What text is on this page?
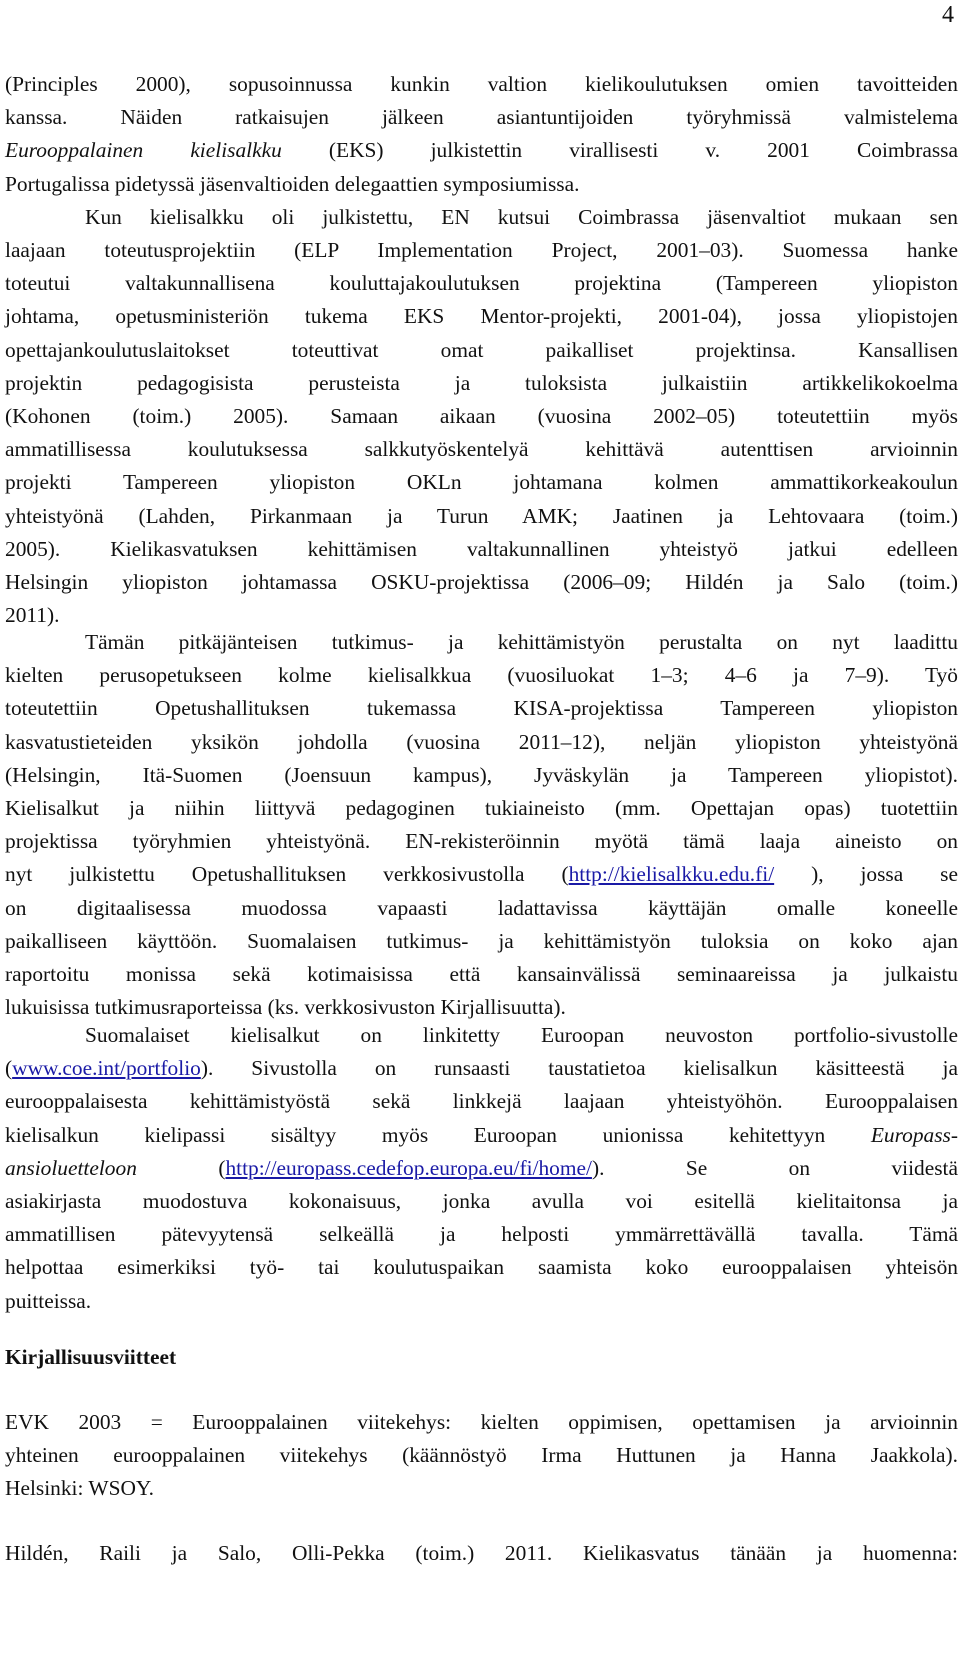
4
(Principles 2000), sopusoinnussa kunkin valtion kielikoulutuksen omien tavoitteiden
kanssa. Näiden ratkaisujen jälkeen asiantuntijoiden työryhmissä valmistelema
Eurooppalainen kielisalkku (EKS) julkistettin virallisesti v. 2001 Coimbrassa
Portugalissa pidetyssä jäsenvaltioiden delegaattien symposiumissa.
Kun kielisalkku oli julkistettu, EN kutsui Coimbrassa jäsenvaltiot mukaan sen
laajaan toteutusprojektiin (ELP Implementation Project, 2001–03). Suomessa hanke
toteutui valtakunnallisena kouluttajakoulutuksen projektina (Tampereen yliopiston
johtama, opetusministeriön tukema EKS Mentor-projekti, 2001-04), jossa yliopistojen
opettajankoulutuslaitokset toteuttivat omat paikalliset projektinsa. Kansallisen
projektin pedagogisista perusteista ja tuloksista julkaistiin artikkelikokoelma
(Kohonen (toim.) 2005). Samaan aikaan (vuosina 2002–05) toteutettiin myös
ammatillisessa koulutuksessa salkkutyöskentelyä kehittävä autenttisen arvioinnin
projekti Tampereen yliopiston OKLn johtamana kolmen ammattikorkeakoulun
yhteistyönä (Lahden, Pirkanmaan ja Turun AMK; Jaatinen ja Lehtovaara (toim.)
2005). Kielikasvatuksen kehittämisen valtakunnallinen yhteistyö jatkui edelleen
Helsingin yliopiston johtamassa OSKU-projektissa (2006–09; Hildén ja Salo (toim.)
2011).
Tämän pitkäjänteisen tutkimus- ja kehittämistyön perustalta on nyt laadittu
kielten perusopetukseen kolme kielisalkkua (vuosiluokat 1–3; 4–6 ja 7–9). Työ
toteutettiin Opetushallituksen tukemassa KISA-projektissa Tampereen yliopiston
kasvatustieteiden yksikön johdolla (vuosina 2011–12), neljän yliopiston yhteistyönä
(Helsingin, Itä-Suomen (Joensuun kampus), Jyväskylän ja Tampereen yliopistot).
Kielisalkut ja niihin liittyvä pedagoginen tukiaineisto (mm. Opettajan opas) tuotettiin
projektissa työryhmien yhteistyönä. EN-rekisteröinnin myötä tämä laaja aineisto on
nyt julkistettu Opetushallituksen verkkosivustolla (http://kielisalkku.edu.fi/ ), jossa se
on digitaalisessa muodossa vapaasti ladattavissa käyttäjän omalle koneelle
paikalliseen käyttöön. Suomalaisen tutkimus- ja kehittämistyön tuloksia on koko ajan
raportoitu monissa sekä kotimaisissa että kansainvälissä seminaareissa ja julkaistu
lukuisissa tutkimusraporteissa (ks. verkkosivuston Kirjallisuutta).
Suomalaiset kielisalkut on linkitetty Euroopan neuvoston portfolio-sivustolle
(www.coe.int/portfolio). Sivustolla on runsaasti taustatietoa kielisalkun käsitteestä ja
eurooppalaisesta kehittämistyöstä sekä linkkejä laajaan yhteistyöhön. Eurooppalaisen
kielisalkun kielipassi sisältyy myös Euroopan unionissa kehitettyyn Europass-
ansioluetteloon	(http://europass.cedefop.europa.eu/fi/home/). Se on viidestä
asiakirjasta muodostuva kokonaisuus, jonka avulla voi esitellä kielitaitonsa ja
ammatillisen pätevyytensä selkeällä ja helposti ymmärrettävällä tavalla. Tämä
helpottaa esimerkiksi työ- tai koulutuspaikan saamista koko eurooppalaisen yhteisön
puitteissa.
Kirjallisuusviitteet
EVK 2003 = Eurooppalainen viitekehys: kielten oppimisen, opettamisen ja arvioinnin
yhteinen eurooppalainen viitekehys (käännöstyö Irma Huttunen ja Hanna Jaakkola).
Helsinki: WSOY.
Hildén, Raili ja Salo, Olli-Pekka (toim.) 2011. Kielikasvatus tänään ja huomenna:
